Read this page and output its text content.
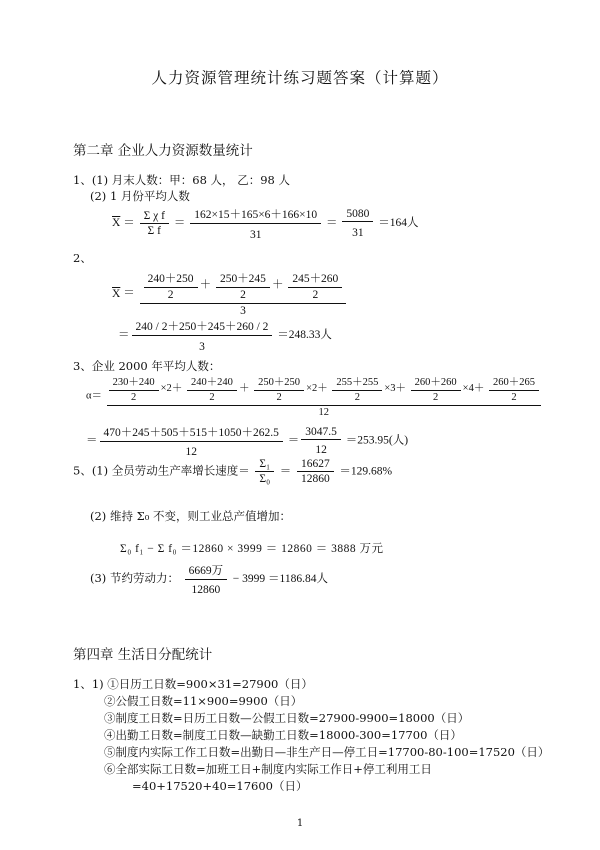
人力资源管理统计练习题答案（计算题）
第二章 企业人力资源数量统计
1、(1) 月末人数：甲：68 人， 乙：98 人
(2) 1 月份平均人数
$\overline{X} = \frac{\text{Σ χ f}}{\text{Σ f}} = \frac{162\times 15+165\times 6+166\times 10}{31} = \frac{5080}{31} =164$人
2、
$\overline{X} = \frac{\frac{240+250}{2} + \frac{250+245}{2} + \frac{245+260}{2}}{3}$
＝ $\frac{240 / 2+250+245+260 / 2}{3} =248.33$人
3、企业 2000 年平均人数：
$\alpha= \frac{230+240}{2} \times 2+ \frac{240+240}{2} + \frac{250+250}{2} \times 2+ \frac{255+255}{2} \times 3+ \frac{260+260}{2} \times 4+ \frac{260+265}{2}$
12
＝ $\frac{470+245+505+515+1050+262.5}{12} = \frac{3047.5}{12} =253.95$(人)
5、(1) 全员劳动生产率增长速度＝ $\frac{\text{Σ₁}}{\text{Σ₀}} = \frac{16627}{12860} =129.68\%$
(2) 维持 Σ₀ 不变，则工业总产值增加：
Σ₀ f₁ − Σ f₀ ＝12860 × 3999 ＝ 12860 ＝ 3888 万元
(3) 节约劳动力： $\frac{\text{6669万}}{12860} - 3999 =1186.84$人
第四章 生活日分配统计
1、1) ①日历工日数=900×31=27900（日）
②公假工日数=11×900=9900（日）
③制度工日数=日历工日数—公假工日数=27900-9900=18000（日）
④出勤工日数=制度工日数—缺勤工日数=18000-300=17700（日）
⑤制度内实际工作工日数=出勤日—非生产日—停工日=17700-80-100=17520（日）
⑥全部实际工日数=加班工日+制度内实际工作日+停工利用工日
=40+17520+40=17600（日）
1
